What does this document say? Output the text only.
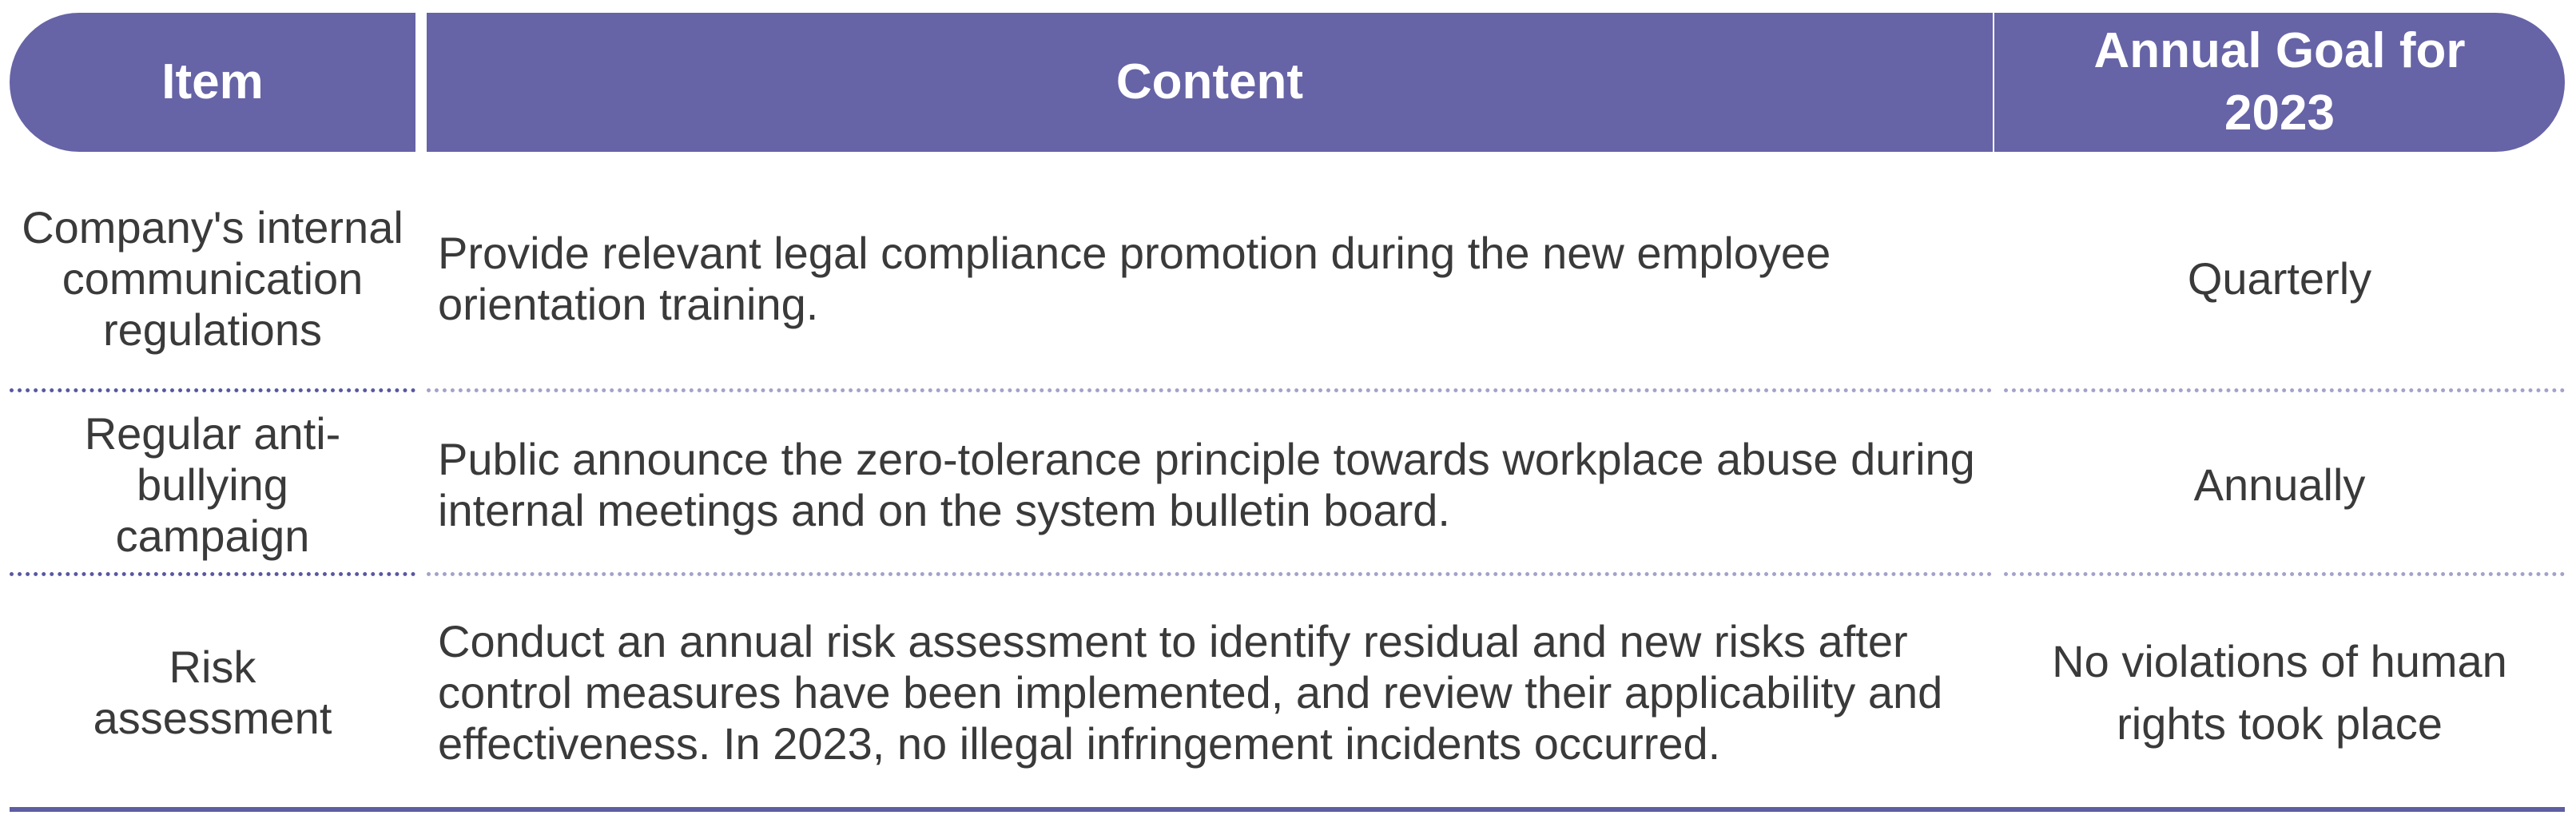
Item	Content
Company's internal communication regulations
Provide relevant legal compliance promotion during the new employee orientation training.
Quarterly
Regular anti-bullying campaign
Public announce the zero-tolerance principle towards workplace abuse during internal meetings and on the system bulletin board.
Annually
Risk assessment
Conduct an annual risk assessment to identify residual and new risks after control measures have been implemented, and review their applicability and effectiveness. In 2023, no illegal infringement incidents occurred.
No violations of human rights took place
Annual Goal for 2023
